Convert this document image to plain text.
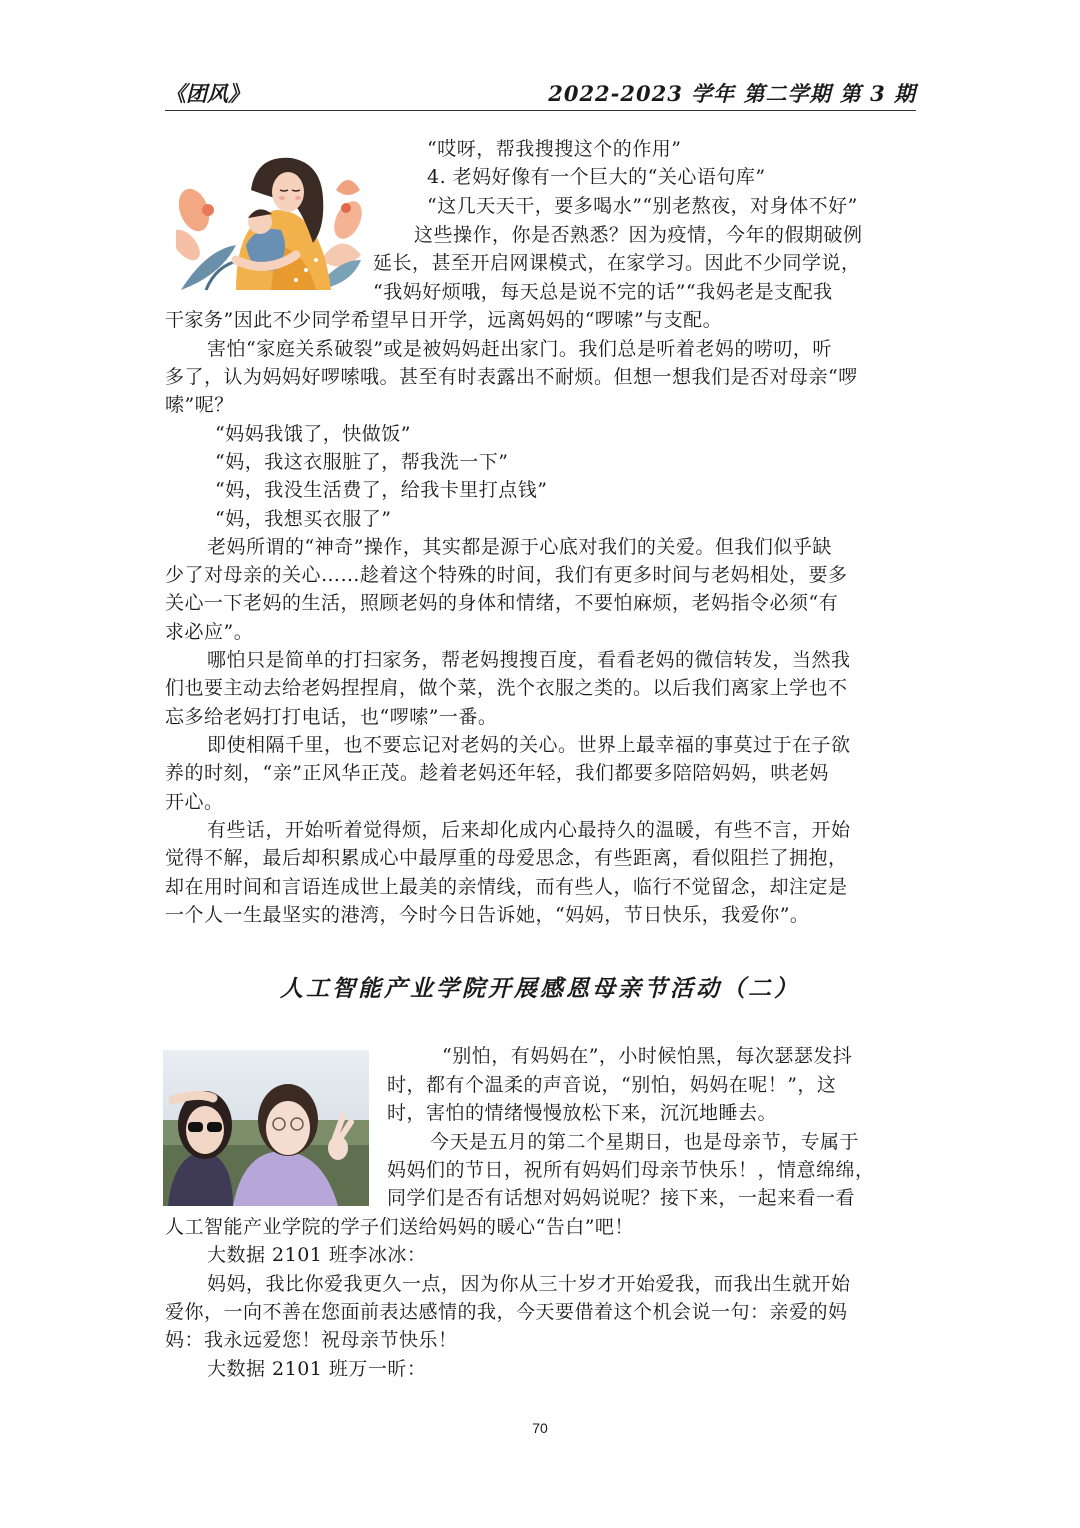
《团风》	2022-2023 学年 第二学期 第 3 期
“哎呀，帮我搜搜这个的作用”
4. 老妈好像有一个巨大的“关心语句库”
“这几天天干，要多喝水”“别老熬夜，对身体不好”
这些操作，你是否熟悉？因为疫情，今年的假期破例
延长，甚至开启网课模式，在家学习。因此不少同学说，
“我妈好烦哦，每天总是说不完的话”“我妈老是支配我
干家务”因此不少同学希望早日开学，远离妈妈的“啰嗦”与支配。
害怕“家庭关系破裂”或是被妈妈赶出家门。我们总是听着老妈的唠叨，听
多了，认为妈妈好啰嗦哦。甚至有时表露出不耐烦。但想一想我们是否对母亲“啰
嗦”呢？
“妈妈我饿了，快做饭”
“妈，我这衣服脏了，帮我洗一下”
“妈，我没生活费了，给我卡里打点钱”
“妈，我想买衣服了”
老妈所谓的“神奇”操作，其实都是源于心底对我们的关爱。但我们似乎缺
少了对母亲的关心……趁着这个特殊的时间，我们有更多时间与老妈相处，要多
关心一下老妈的生活，照顾老妈的身体和情绪，不要怕麻烦，老妈指令必须“有
求必应”。
哪怕只是简单的打扫家务，帮老妈搜搜百度，看看老妈的微信转发，当然我
们也要主动去给老妈捏捏肩，做个菜，洗个衣服之类的。以后我们离家上学也不
忘多给老妈打打电话，也“啰嗦”一番。
即使相隔千里，也不要忘记对老妈的关心。世界上最幸福的事莫过于在子欲
养的时刻，“亲”正风华正茂。趁着老妈还年轻，我们都要多陪陪妈妈，哄老妈
开心。
有些话，开始听着觉得烦，后来却化成内心最持久的温暖，有些不言，开始
觉得不解，最后却积累成心中最厚重的母爱思念，有些距离，看似阻拦了拥抱，
却在用时间和言语连成世上最美的亲情线，而有些人，临行不觉留念，却注定是
一个人一生最坚实的港湾，今时今日告诉她，“妈妈，节日快乐，我爱你”。
人工智能产业学院开展感恩母亲节活动（二）
“别怕，有妈妈在”，小时候怕黑，每次瑟瑟发抖
时，都有个温柔的声音说，“别怕，妈妈在呢！”，这
时，害怕的情绪慢慢放松下来，沉沉地睡去。
今天是五月的第二个星期日，也是母亲节，专属于
妈妈们的节日，祝所有妈妈们母亲节快乐！，情意绵绵，
同学们是否有话想对妈妈说呢？接下来，一起来看一看
人工智能产业学院的学子们送给妈妈的暖心“告白”吧！
大数据 2101 班李冰冰：
妈妈，我比你爱我更久一点，因为你从三十岁才开始爱我，而我出生就开始
爱你，一向不善在您面前表达感情的我，今天要借着这个机会说一句：亲爱的妈
妈：我永远爱您！祝母亲节快乐！
大数据 2101 班万一昕：
70
